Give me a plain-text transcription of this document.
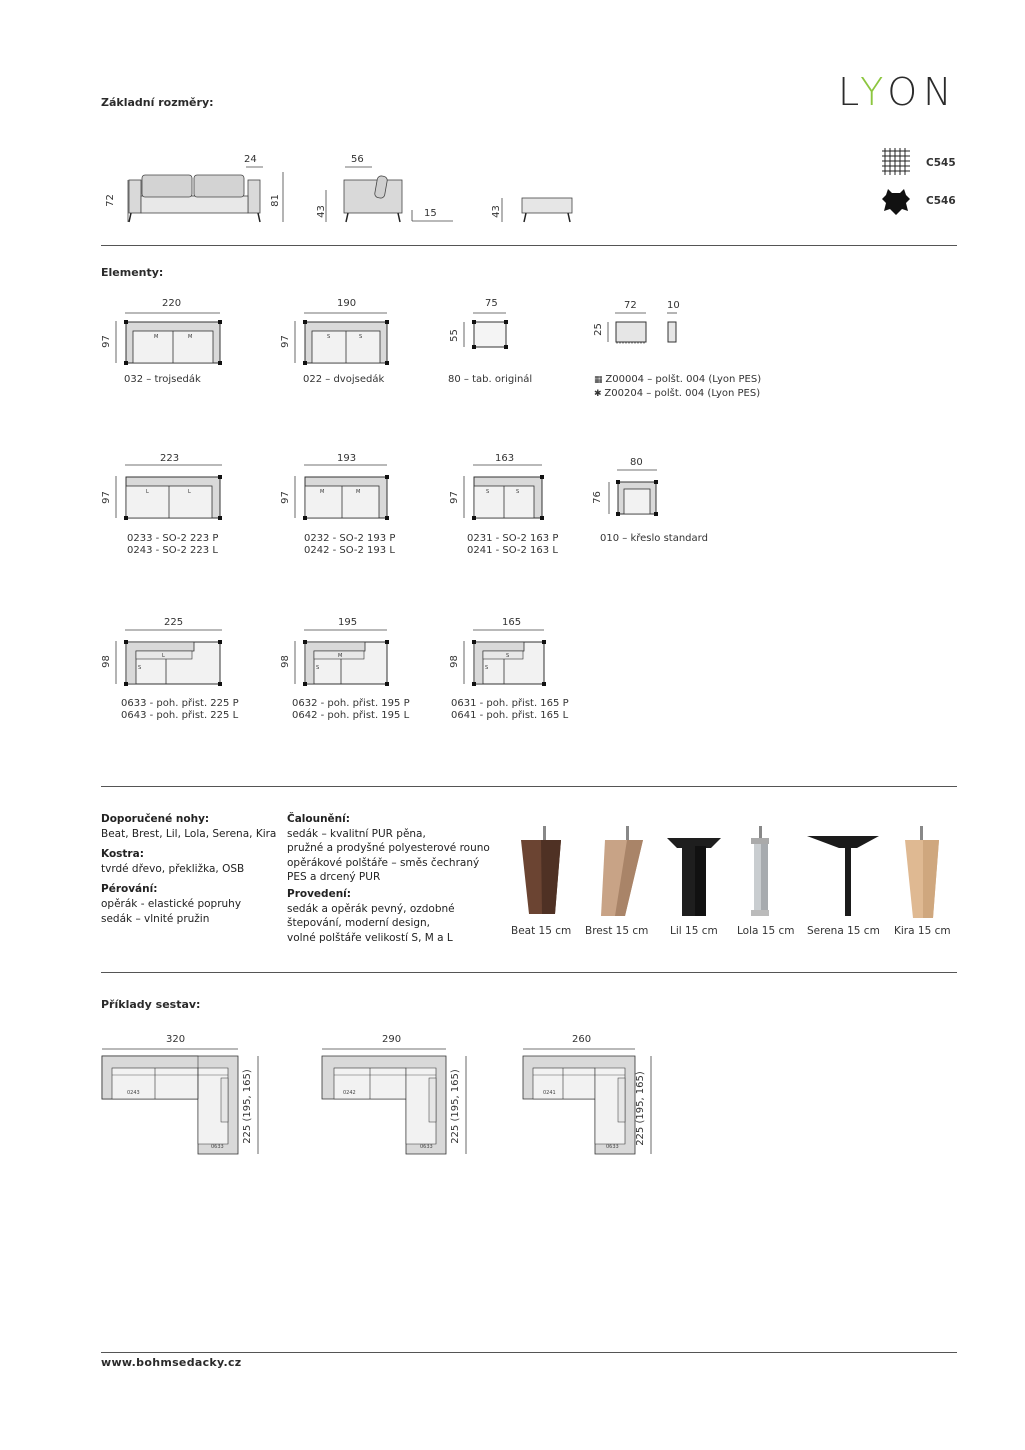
LYON
Základní rozměry:
24
72	81
56
43	15	43
C545
C546
Elementy:
M	M	S	S
220
97
032 – trojsedák
190
97
022 – dvojsedák
75
55
80 – tab. originál
72	10
25
▦ Z00004 – polšt. 004 (Lyon PES)
✱ Z00204 – polšt. 004 (Lyon PES)
L	L	M	M	S	S
223
97
0233 - SO-2 223 P
0243 - SO-2 223 L
193
97
0232 - SO-2 193 P
0242 - SO-2 193 L
163
97
0231 - SO-2 163 P
0241 - SO-2 163 L
80
76
010 – křeslo standard
L
S
M
S
S
S
225
98
0633 - poh. přist. 225 P
0643 - poh. přist. 225 L
195
98
0632 - poh. přist. 195 P
0642 - poh. přist. 195 L
165
98
0631 - poh. přist. 165 P
0641 - poh. přist. 165 L
Doporučené nohy:
Beat, Brest, Lil, Lola, Serena, Kira
Kostra:
tvrdé dřevo, překližka, OSB
Pérování:
opěrák - elastické popruhy
sedák – vlnité pružin
Čalounění:
sedák – kvalitní PUR pěna,
pružné a prodyšné polyesterové rouno
opěrákové polštáře – směs čechraný
PES a drcený PUR
Provedení:
sedák a opěrák pevný, ozdobné
štepování, moderní design,
volné polštáře velikostí S, M a L
Beat 15 cm Brest 15 cm Lil 15 cm Lola 15 cm Serena 15 cm Kira 15 cm
Příklady sestav:
320
225 (195, 165)
0243
0633
290
225 (195, 165)
0242
0633
260
225 (195, 165)
0241
0633
www.bohmsedacky.cz
